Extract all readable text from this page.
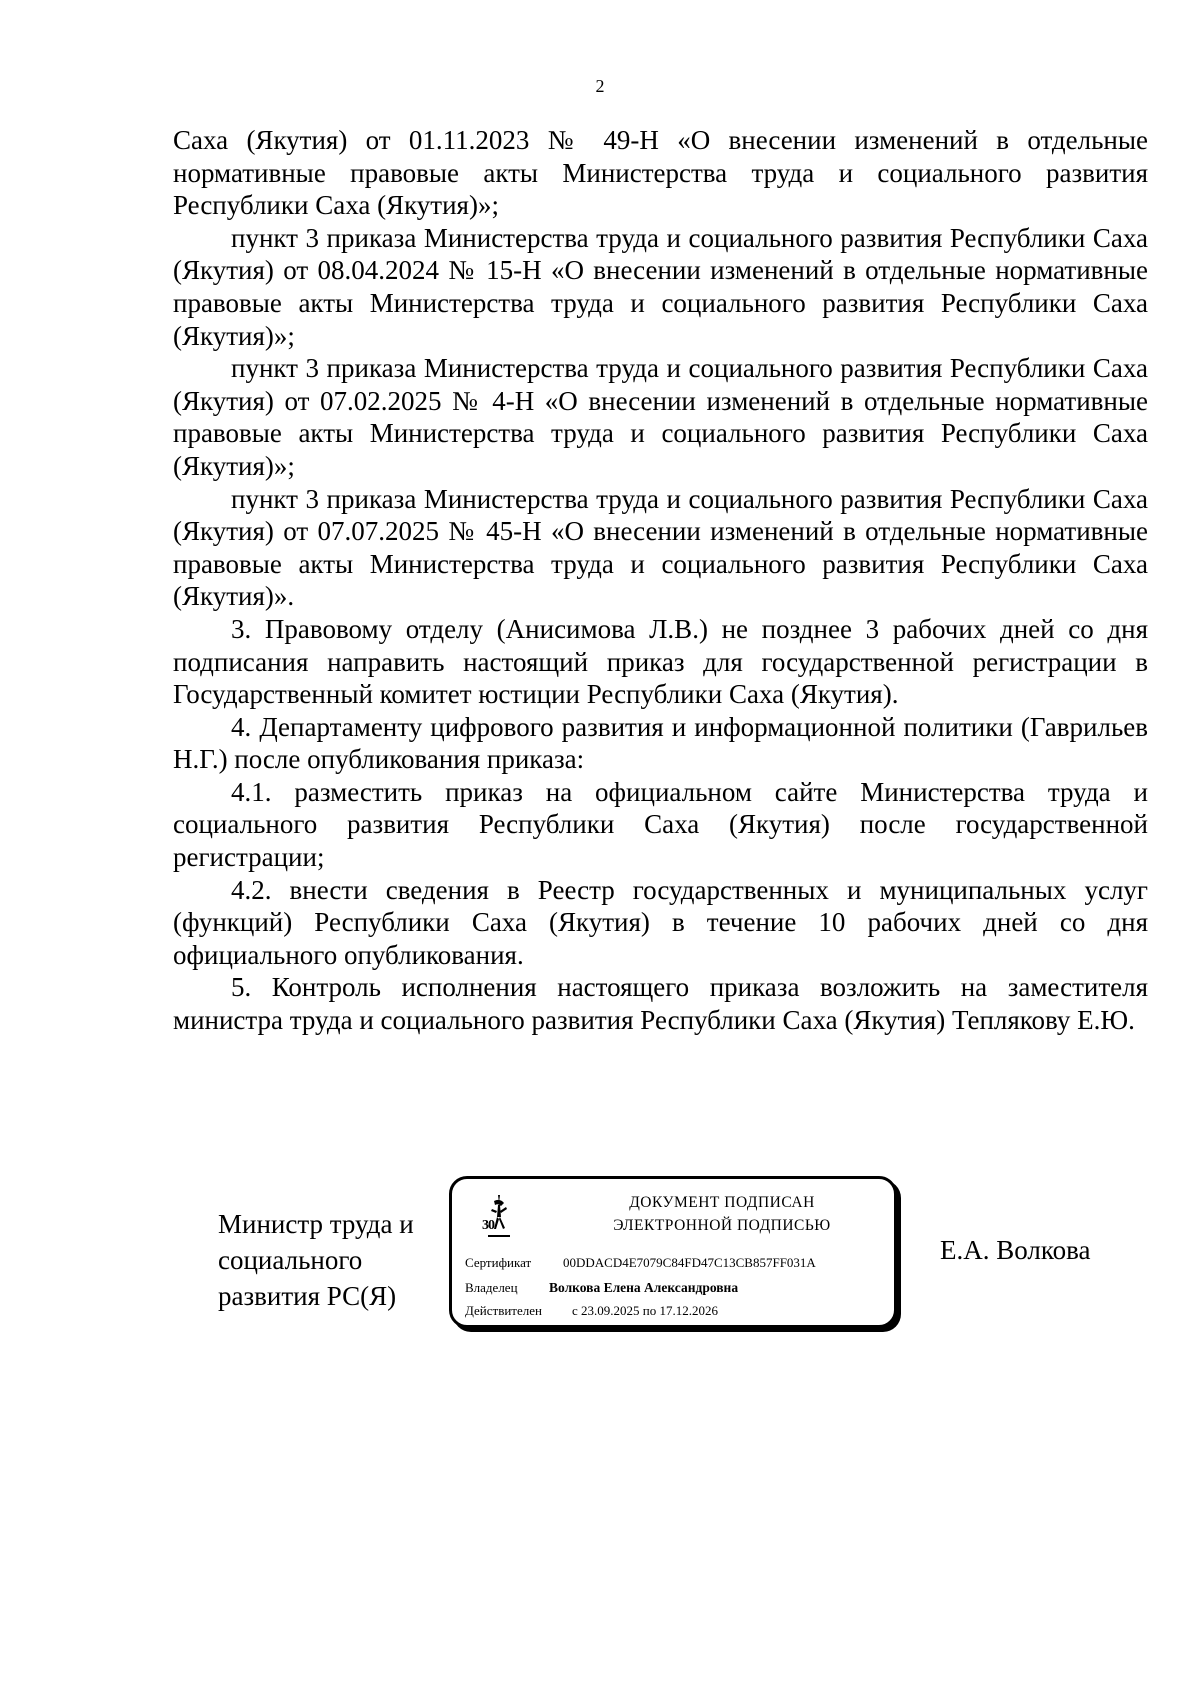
2

Саха (Якутия) от 01.11.2023 № 49-Н «О внесении изменений в отдельные нормативные правовые акты Министерства труда и социального развития Республики Саха (Якутия)»;

пункт 3 приказа Министерства труда и социального развития Республики Саха (Якутия) от 08.04.2024 № 15-Н «О внесении изменений в отдельные нормативные правовые акты Министерства труда и социального развития Республики Саха (Якутия)»;

пункт 3 приказа Министерства труда и социального развития Республики Саха (Якутия) от 07.02.2025 № 4-Н «О внесении изменений в отдельные нормативные правовые акты Министерства труда и социального развития Республики Саха (Якутия)»;

пункт 3 приказа Министерства труда и социального развития Республики Саха (Якутия) от 07.07.2025 № 45-Н «О внесении изменений в отдельные нормативные правовые акты Министерства труда и социального развития Республики Саха (Якутия)».

3. Правовому отделу (Анисимова Л.В.) не позднее 3 рабочих дней со дня подписания направить настоящий приказ для государственной регистрации в Государственный комитет юстиции Республики Саха (Якутия).

4. Департаменту цифрового развития и информационной политики (Гаврильев Н.Г.) после опубликования приказа:

4.1. разместить приказ на официальном сайте Министерства труда и социального развития Республики Саха (Якутия) после государственной регистрации;

4.2. внести сведения в Реестр государственных и муниципальных услуг (функций) Республики Саха (Якутия) в течение 10 рабочих дней со дня официального опубликования.

5. Контроль исполнения настоящего приказа возложить на заместителя министра труда и социального развития Республики Саха (Якутия) Теплякову Е.Ю.

Министр труда и
социального
развития РС(Я)
30
ДОКУМЕНТ ПОДПИСАН
ЭЛЕКТРОННОЙ ПОДПИСЬЮ
Сертификат 00DDACD4E7079C84FD47C13CB857FF031A
Владелец Волкова Елена Александровна
Действителен с 23.09.2025 по 17.12.2026
Е.А. Волкова
